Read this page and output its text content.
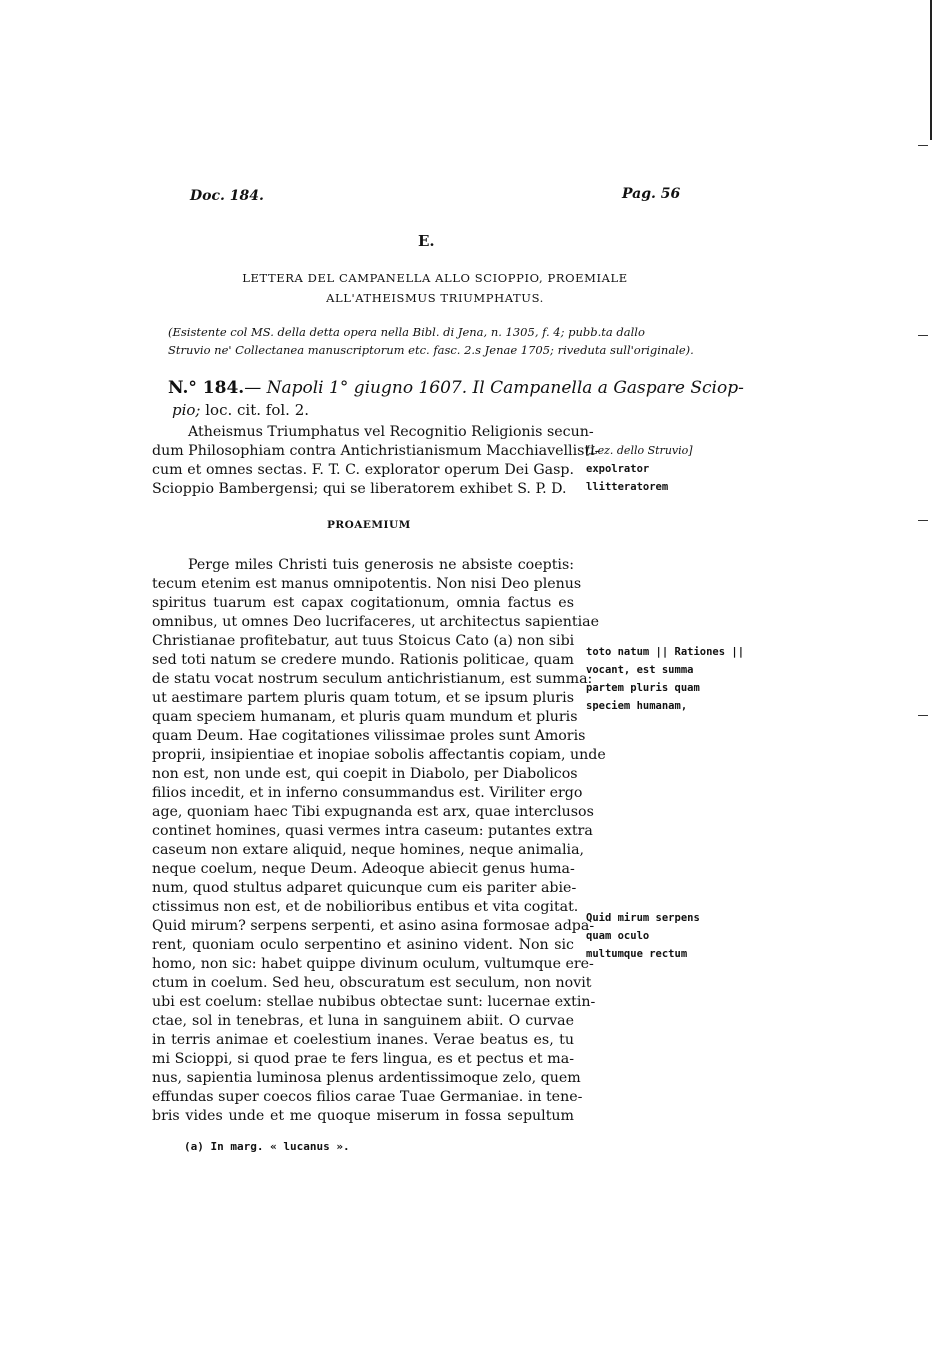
Doc. 184.	Pag. 56
E.
LETTERA DEL CAMPANELLA ALLO SCIOPPIO, PROEMIALE
ALL'ATHEISMUS TRIUMPHATUS.
(Esistente col MS. della detta opera nella Bibl. di Jena, n. 1305, f. 4; pubb.ta dallo
Struvio ne' Collectanea manuscriptorum etc. fasc. 2.s Jenae 1705; riveduta sull'originale).
N.° 184.— Napoli 1° giugno 1607. Il Campanella a Gaspare Sciop-
pio; loc. cit. fol. 2.
Atheismus Triumphatus vel Recognitio Religionis secun-
dum Philosophiam contra Antichristianismum Macchiavellisti-
cum et omnes sectas. F. T. C. explorator operum Dei Gasp.
Scioppio Bambergensi; qui se liberatorem exhibet S. P. D.
[Lez. dello Struvio]
expolrator
llitteratorem
PROAEMIUM
Perge miles Christi tuis generosis ne absiste coeptis:
tecum etenim est manus omnipotentis. Non nisi Deo plenus
spiritus tuarum est capax cogitationum, omnia factus es
omnibus, ut omnes Deo lucrifaceres, ut architectus sapientiae
Christianae profitebatur, aut tuus Stoicus Cato (a) non sibi
sed toti natum se credere mundo. Rationis politicae, quam
de statu vocat nostrum seculum antichristianum, est summa:
ut aestimare partem pluris quam totum, et se ipsum pluris
quam speciem humanam, et pluris quam mundum et pluris
quam Deum. Hae cogitationes vilissimae proles sunt Amoris
proprii, insipientiae et inopiae sobolis affectantis copiam, unde
non est, non unde est, qui coepit in Diabolo, per Diabolicos
filios incedit, et in inferno consummandus est. Viriliter ergo
age, quoniam haec Tibi expugnanda est arx, quae interclusos
continet homines, quasi vermes intra caseum: putantes extra
caseum non extare aliquid, neque homines, neque animalia,
neque coelum, neque Deum. Adeoque abiecit genus huma-
num, quod stultus adparet quicunque cum eis pariter abie-
ctissimus non est, et de nobilioribus entibus et vita cogitat.
Quid mirum? serpens serpenti, et asino asina formosae adpa-
rent, quoniam oculo serpentino et asinino vident. Non sic
homo, non sic: habet quippe divinum oculum, vultumque ere-
ctum in coelum. Sed heu, obscuratum est seculum, non novit
ubi est coelum: stellae nubibus obtectae sunt: lucernae extin-
ctae, sol in tenebras, et luna in sanguinem abiit. O curvae
in terris animae et coelestium inanes. Verae beatus es, tu
mi Scioppi, si quod prae te fers lingua, es et pectus et ma-
nus, sapientia luminosa plenus ardentissimoque zelo, quem
effundas super coecos filios carae Tuae Germaniae. in tene-
bris vides unde et me quoque miserum in fossa sepultum
toto natum || Rationes ||
vocant, est summa
partem pluris quam
speciem humanam,
Quid mirum serpens
quam oculo
multumque rectum
(a) In marg. « lucanus ».
